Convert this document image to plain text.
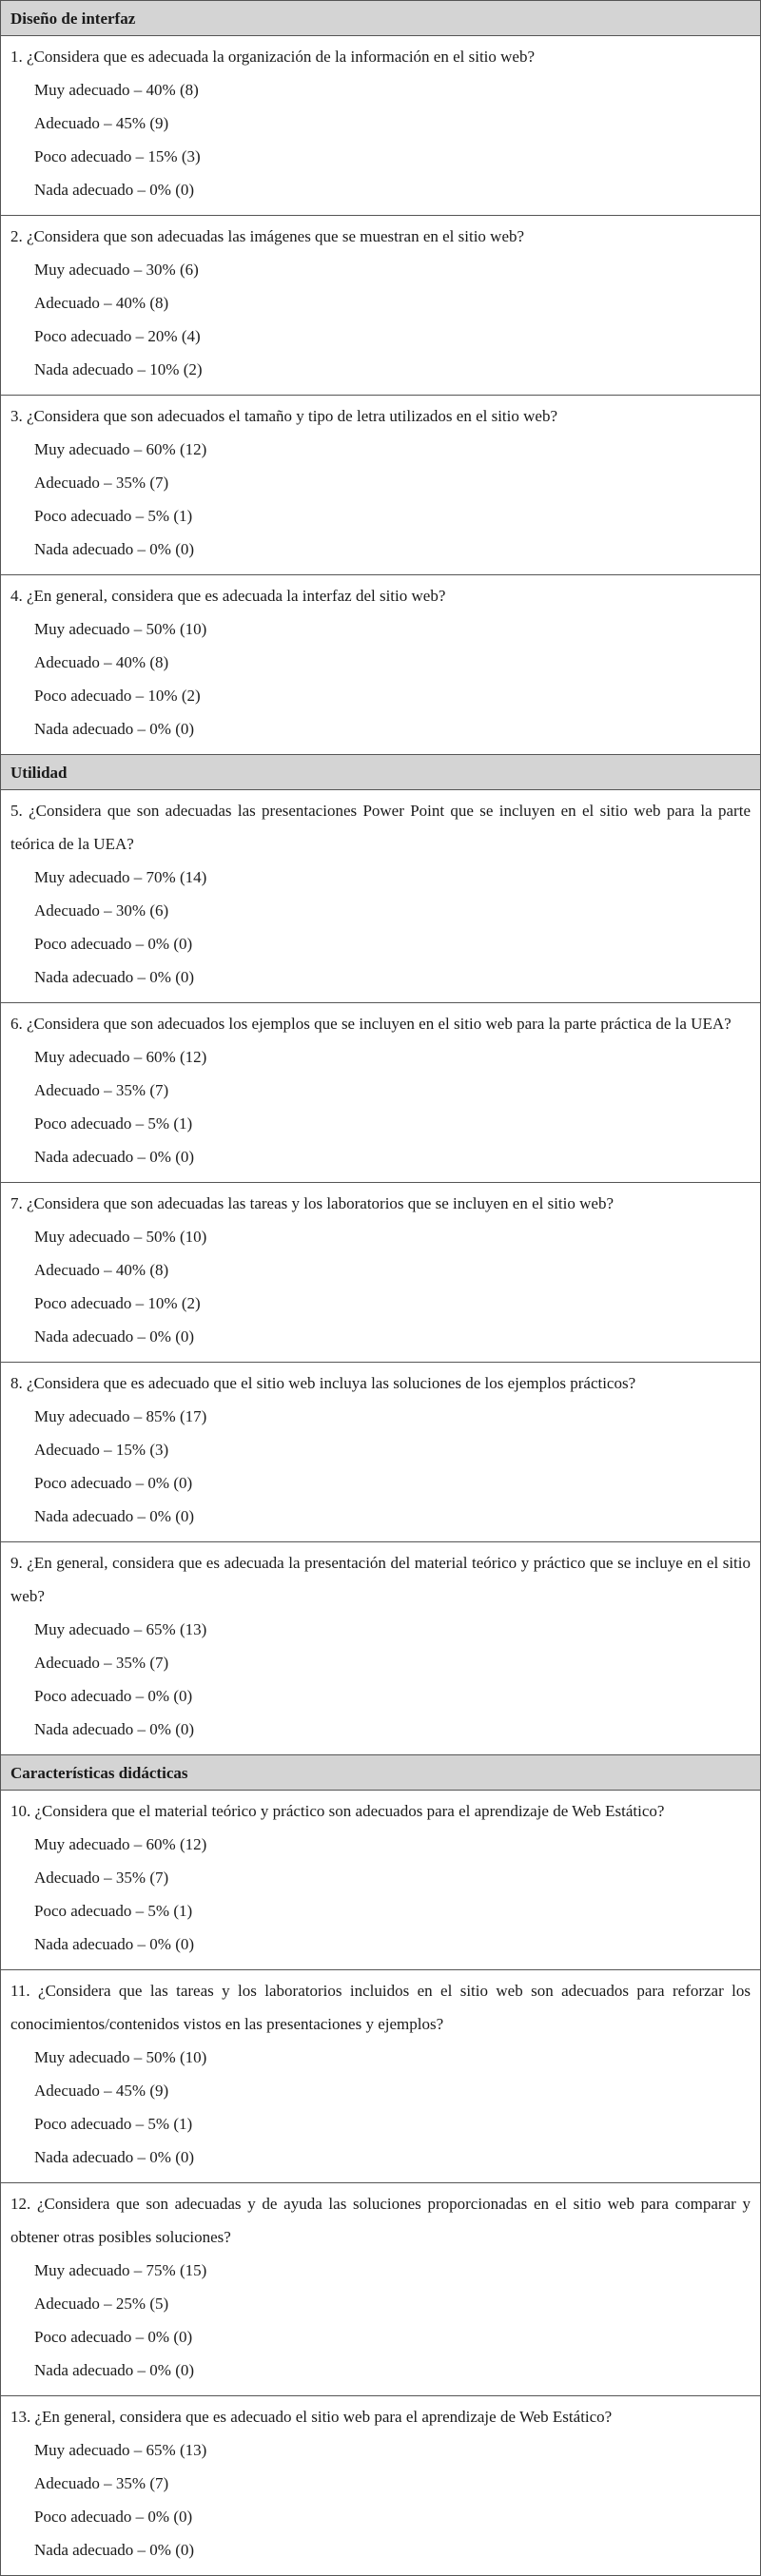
Diseño de interfaz
1. ¿Considera que es adecuada la organización de la información en el sitio web?
Muy adecuado – 40% (8)
Adecuado – 45% (9)
Poco adecuado – 15% (3)
Nada adecuado – 0% (0)
2. ¿Considera que son adecuadas las imágenes que se muestran en el sitio web?
Muy adecuado – 30% (6)
Adecuado – 40% (8)
Poco adecuado – 20% (4)
Nada adecuado – 10% (2)
3. ¿Considera que son adecuados el tamaño y tipo de letra utilizados en el sitio web?
Muy adecuado – 60% (12)
Adecuado – 35% (7)
Poco adecuado – 5% (1)
Nada adecuado – 0% (0)
4. ¿En general, considera que es adecuada la interfaz del sitio web?
Muy adecuado – 50% (10)
Adecuado – 40% (8)
Poco adecuado – 10% (2)
Nada adecuado – 0% (0)
Utilidad
5. ¿Considera que son adecuadas las presentaciones Power Point que se incluyen en el sitio web para la parte teórica de la UEA?
Muy adecuado – 70% (14)
Adecuado – 30% (6)
Poco adecuado – 0% (0)
Nada adecuado – 0% (0)
6. ¿Considera que son adecuados los ejemplos que se incluyen en el sitio web para la parte práctica de la UEA?
Muy adecuado – 60% (12)
Adecuado – 35% (7)
Poco adecuado – 5% (1)
Nada adecuado – 0% (0)
7. ¿Considera que son adecuadas las tareas y los laboratorios que se incluyen en el sitio web?
Muy adecuado – 50% (10)
Adecuado – 40% (8)
Poco adecuado – 10% (2)
Nada adecuado – 0% (0)
8. ¿Considera que es adecuado que el sitio web incluya las soluciones de los ejemplos prácticos?
Muy adecuado – 85% (17)
Adecuado – 15% (3)
Poco adecuado – 0% (0)
Nada adecuado – 0% (0)
9. ¿En general, considera que es adecuada la presentación del material teórico y práctico que se incluye en el sitio web?
Muy adecuado – 65% (13)
Adecuado – 35% (7)
Poco adecuado – 0% (0)
Nada adecuado – 0% (0)
Características didácticas
10. ¿Considera que el material teórico y práctico son adecuados para el aprendizaje de Web Estático?
Muy adecuado – 60% (12)
Adecuado – 35% (7)
Poco adecuado – 5% (1)
Nada adecuado – 0% (0)
11. ¿Considera que las tareas y los laboratorios incluidos en el sitio web son adecuados para reforzar los conocimientos/contenidos vistos en las presentaciones y ejemplos?
Muy adecuado – 50% (10)
Adecuado – 45% (9)
Poco adecuado – 5% (1)
Nada adecuado – 0% (0)
12. ¿Considera que son adecuadas y de ayuda las soluciones proporcionadas en el sitio web para comparar y obtener otras posibles soluciones?
Muy adecuado – 75% (15)
Adecuado – 25% (5)
Poco adecuado – 0% (0)
Nada adecuado – 0% (0)
13. ¿En general, considera que es adecuado el sitio web para el aprendizaje de Web Estático?
Muy adecuado – 65% (13)
Adecuado – 35% (7)
Poco adecuado – 0% (0)
Nada adecuado – 0% (0)
